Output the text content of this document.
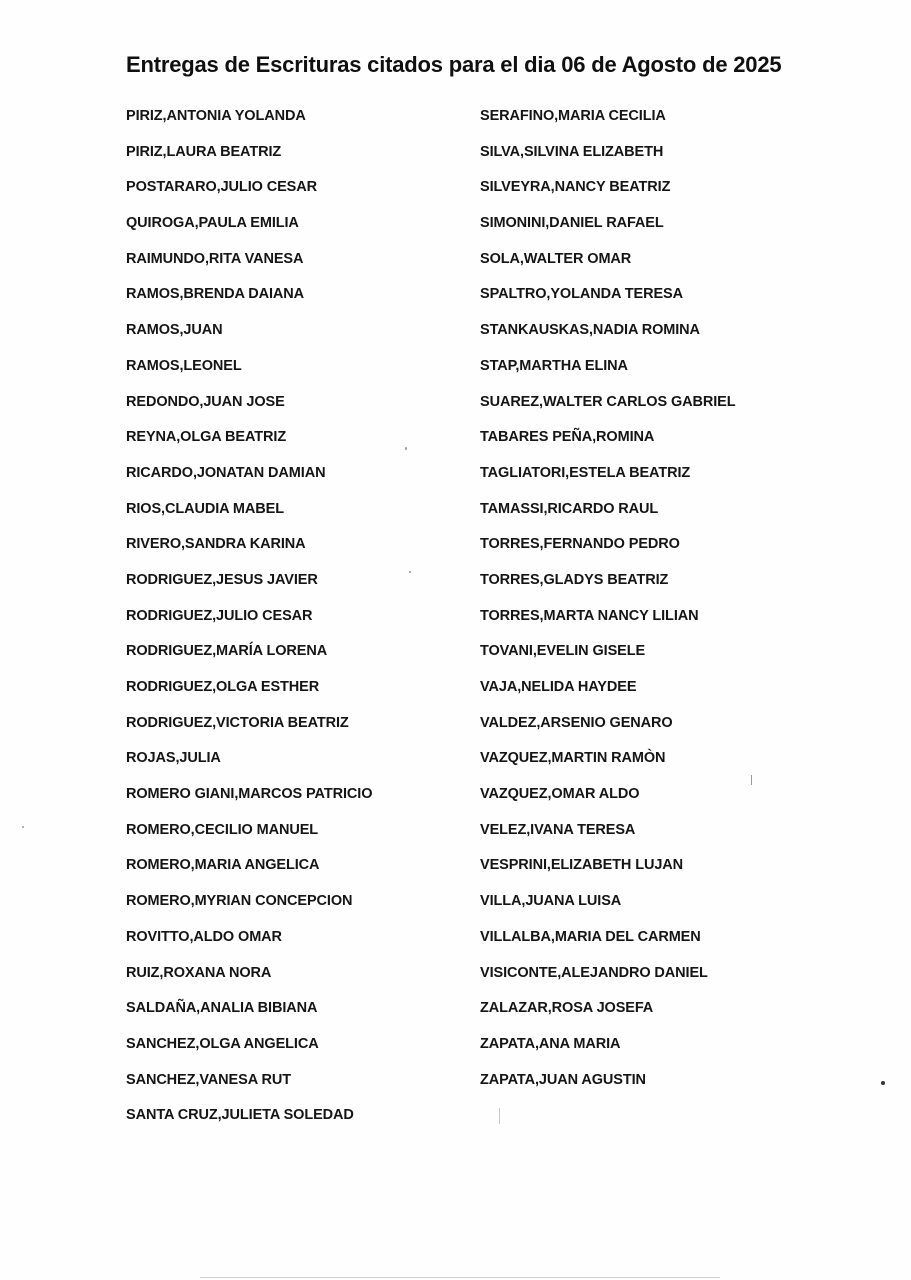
Entregas de Escrituras citados para el dia 06 de Agosto de 2025
PIRIZ,ANTONIA YOLANDA
PIRIZ,LAURA BEATRIZ
POSTARARO,JULIO CESAR
QUIROGA,PAULA EMILIA
RAIMUNDO,RITA VANESA
RAMOS,BRENDA DAIANA
RAMOS,JUAN
RAMOS,LEONEL
REDONDO,JUAN JOSE
REYNA,OLGA BEATRIZ
RICARDO,JONATAN DAMIAN
RIOS,CLAUDIA MABEL
RIVERO,SANDRA KARINA
RODRIGUEZ,JESUS JAVIER
RODRIGUEZ,JULIO CESAR
RODRIGUEZ,MARÍA LORENA
RODRIGUEZ,OLGA ESTHER
RODRIGUEZ,VICTORIA BEATRIZ
ROJAS,JULIA
ROMERO GIANI,MARCOS PATRICIO
ROMERO,CECILIO MANUEL
ROMERO,MARIA ANGELICA
ROMERO,MYRIAN CONCEPCION
ROVITTO,ALDO OMAR
RUIZ,ROXANA NORA
SALDAÑA,ANALIA BIBIANA
SANCHEZ,OLGA ANGELICA
SANCHEZ,VANESA RUT
SANTA CRUZ,JULIETA SOLEDAD
SERAFINO,MARIA CECILIA
SILVA,SILVINA ELIZABETH
SILVEYRA,NANCY BEATRIZ
SIMONINI,DANIEL RAFAEL
SOLA,WALTER OMAR
SPALTRO,YOLANDA TERESA
STANKAUSKAS,NADIA ROMINA
STAP,MARTHA ELINA
SUAREZ,WALTER CARLOS GABRIEL
TABARES PEÑA,ROMINA
TAGLIATORI,ESTELA BEATRIZ
TAMASSI,RICARDO RAUL
TORRES,FERNANDO PEDRO
TORRES,GLADYS BEATRIZ
TORRES,MARTA NANCY LILIAN
TOVANI,EVELIN GISELE
VAJA,NELIDA HAYDEE
VALDEZ,ARSENIO GENARO
VAZQUEZ,MARTIN RAMÒN
VAZQUEZ,OMAR ALDO
VELEZ,IVANA TERESA
VESPRINI,ELIZABETH LUJAN
VILLA,JUANA LUISA
VILLALBA,MARIA DEL CARMEN
VISICONTE,ALEJANDRO DANIEL
ZALAZAR,ROSA JOSEFA
ZAPATA,ANA MARIA
ZAPATA,JUAN AGUSTIN
